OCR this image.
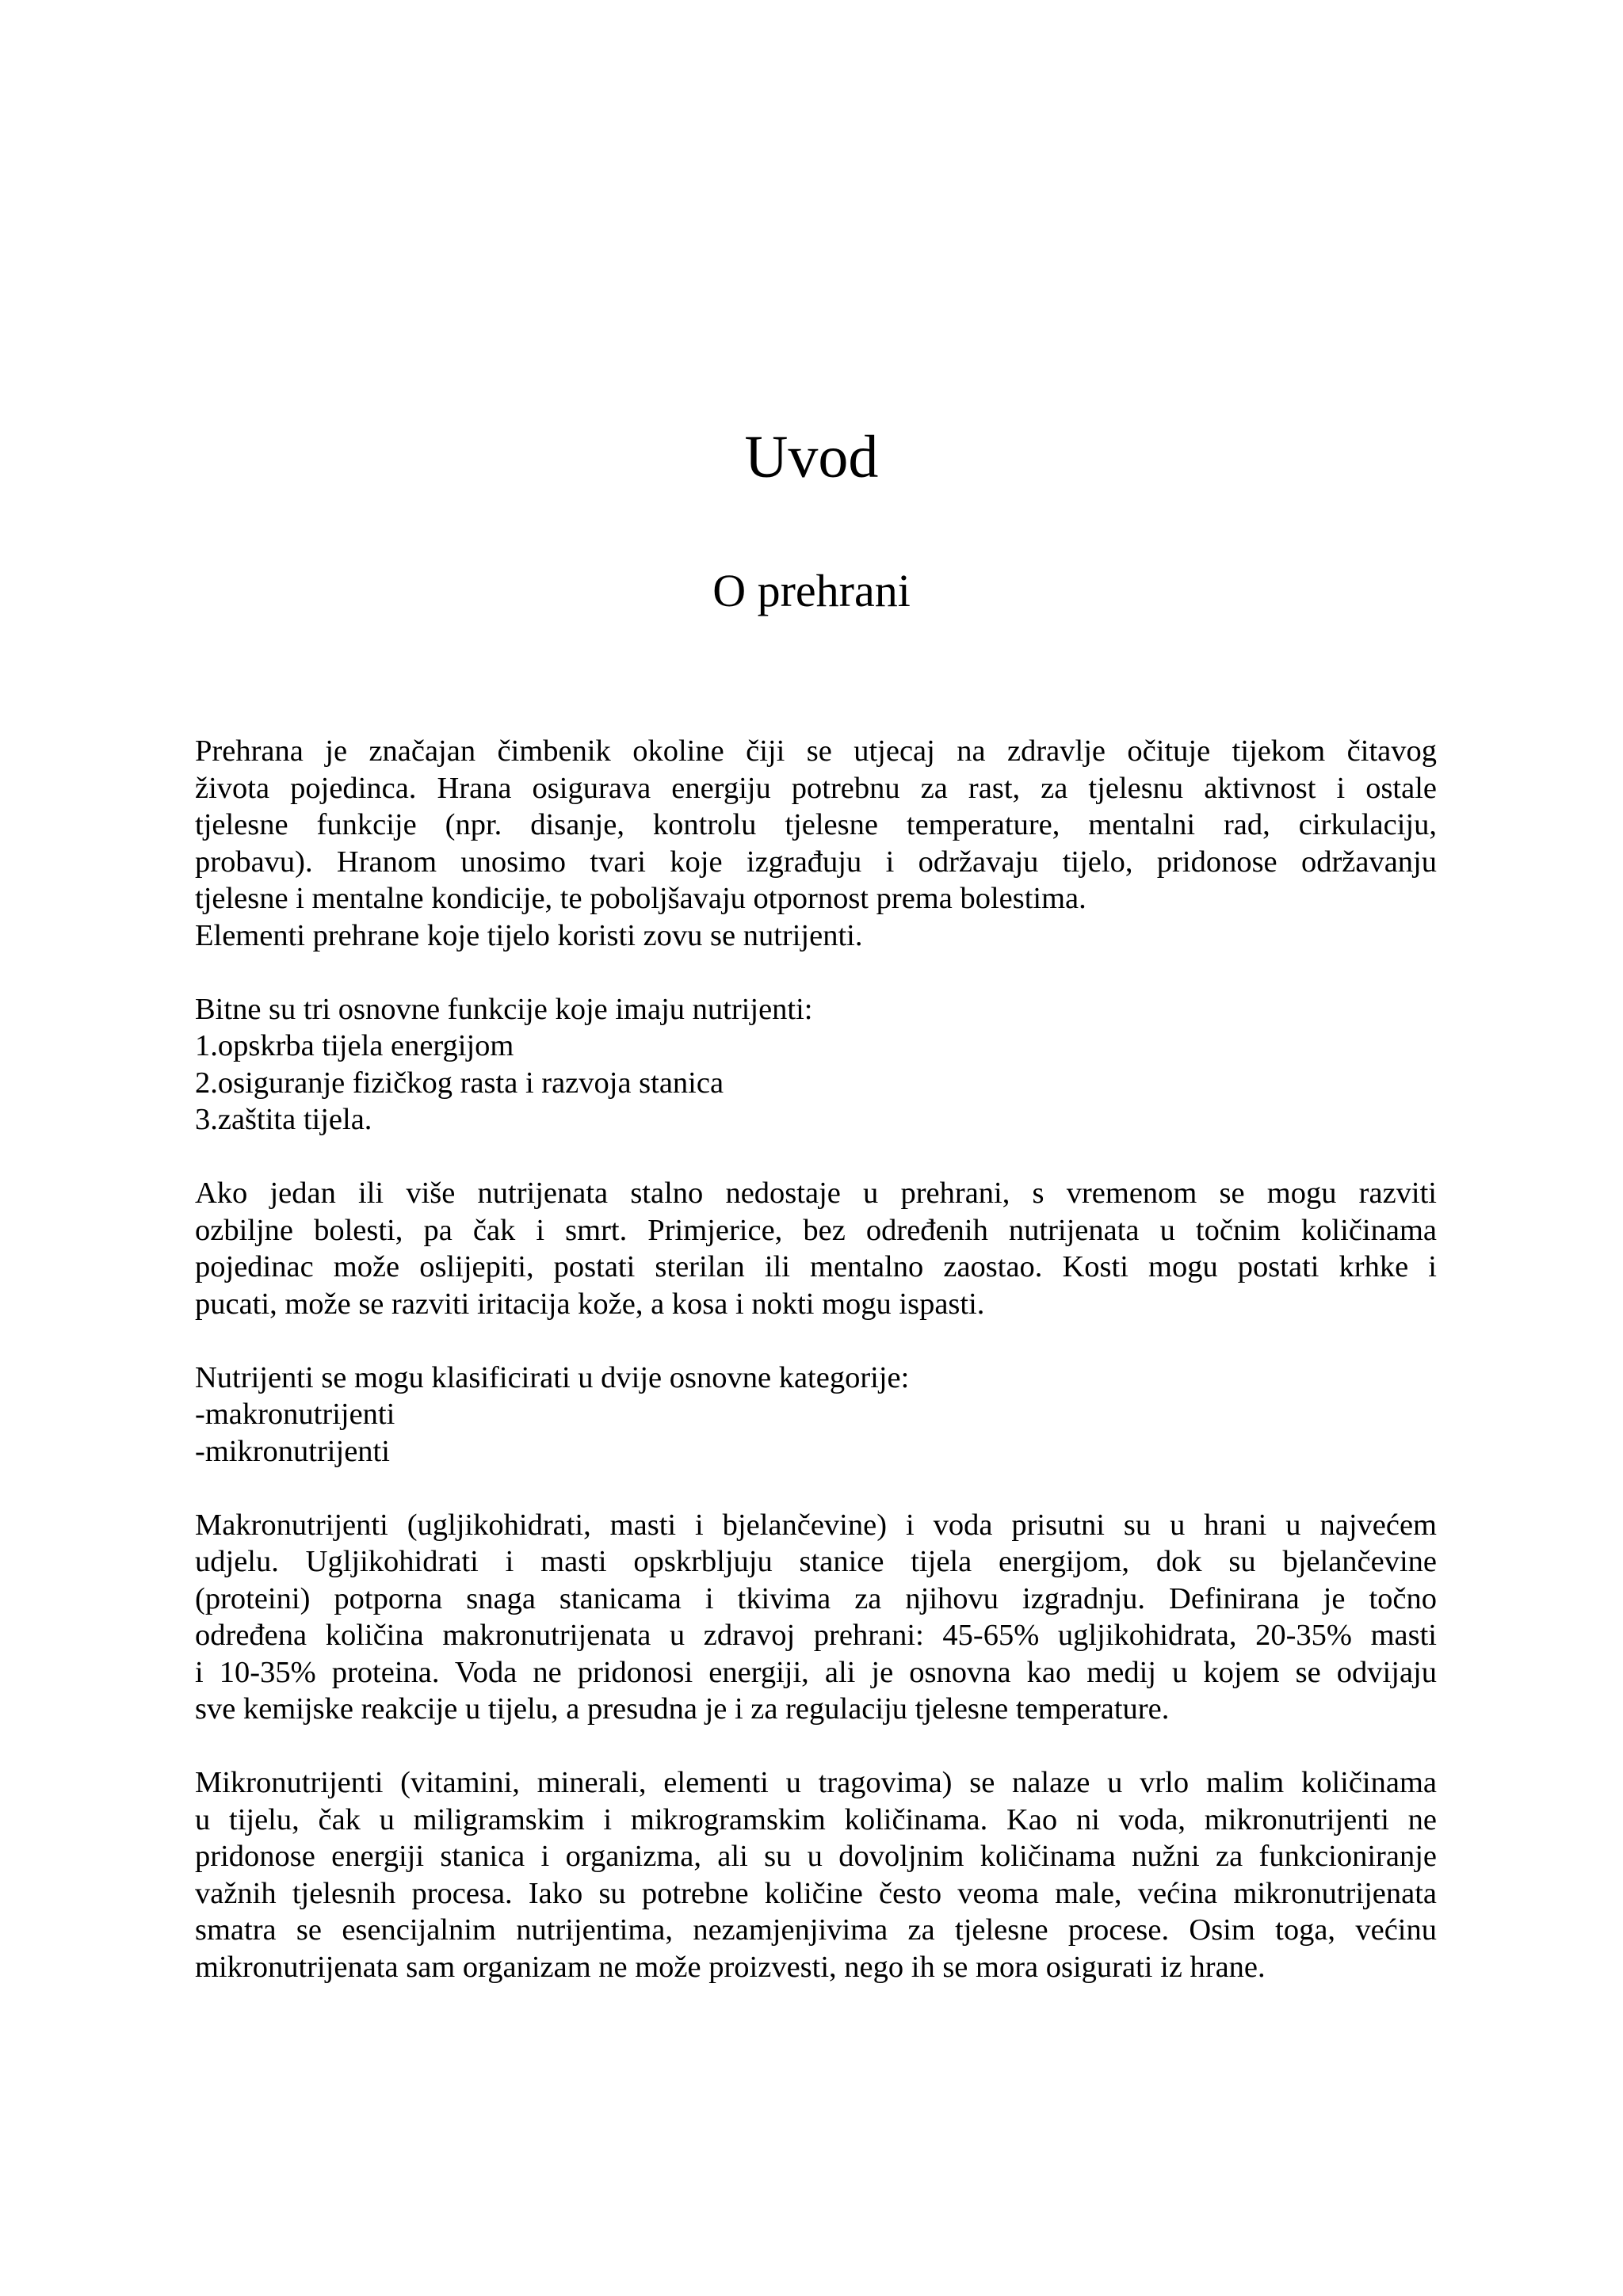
Uvod
O prehrani

Prehrana je značajan čimbenik okoline čiji se utjecaj na zdravlje očituje tijekom čitavog
života pojedinca. Hrana osigurava energiju potrebnu za rast, za tjelesnu aktivnost i ostale
tjelesne funkcije (npr. disanje, kontrolu tjelesne temperature, mentalni rad, cirkulaciju,
probavu). Hranom unosimo tvari koje izgrađuju i održavaju tijelo, pridonose održavanju
tjelesne i mentalne kondicije, te poboljšavaju otpornost prema bolestima.
Elementi prehrane koje tijelo koristi zovu se nutrijenti.

Bitne su tri osnovne funkcije koje imaju nutrijenti:
1.opskrba tijela energijom
2.osiguranje fizičkog rasta i razvoja stanica
3.zaštita tijela.

Ako jedan ili više nutrijenata stalno nedostaje u prehrani, s vremenom se mogu razviti
ozbiljne bolesti, pa čak i smrt. Primjerice, bez određenih nutrijenata u točnim količinama
pojedinac može oslijepiti, postati sterilan ili mentalno zaostao. Kosti mogu postati krhke i
pucati, može se razviti iritacija kože, a kosa i nokti mogu ispasti.

Nutrijenti se mogu klasificirati u dvije osnovne kategorije:
-makronutrijenti
-mikronutrijenti

Makronutrijenti (ugljikohidrati, masti i bjelančevine) i voda prisutni su u hrani u najvećem
udjelu. Ugljikohidrati i masti opskrbljuju stanice tijela energijom, dok su bjelančevine
(proteini) potporna snaga stanicama i tkivima za njihovu izgradnju. Definirana je točno
određena količina makronutrijenata u zdravoj prehrani: 45-65% ugljikohidrata, 20-35% masti
i 10-35% proteina. Voda ne pridonosi energiji, ali je osnovna kao medij u kojem se odvijaju
sve kemijske reakcije u tijelu, a presudna je i za regulaciju tjelesne temperature.

Mikronutrijenti (vitamini, minerali, elementi u tragovima) se nalaze u vrlo malim količinama
u tijelu, čak u miligramskim i mikrogramskim količinama. Kao ni voda, mikronutrijenti ne
pridonose energiji stanica i organizma, ali su u dovoljnim količinama nužni za funkcioniranje
važnih tjelesnih procesa. Iako su potrebne količine često veoma male, većina mikronutrijenata
smatra se esencijalnim nutrijentima, nezamjenjivima za tjelesne procese. Osim toga, većinu
mikronutrijenata sam organizam ne može proizvesti, nego ih se mora osigurati iz hrane.
